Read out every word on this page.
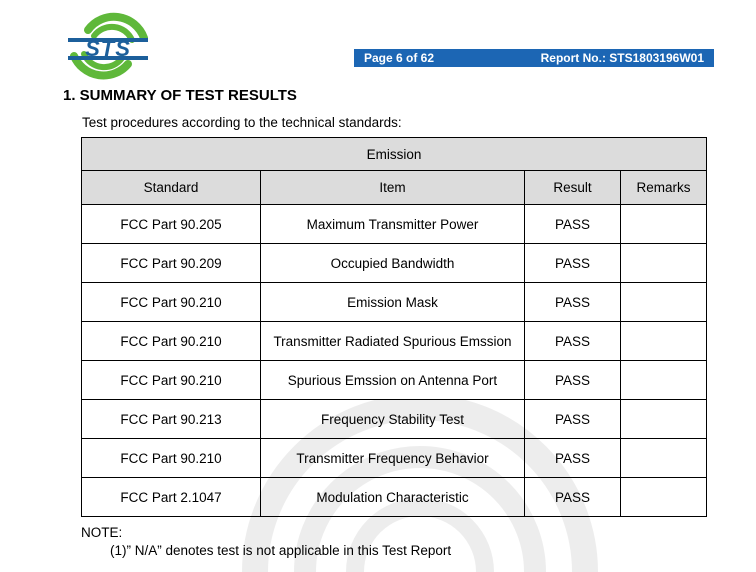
STS	Page 6 of 62	Report No.: STS1803196W01
1. SUMMARY OF TEST RESULTS
Test procedures according to the technical standards:
Emission			
Standard	Item	Result	Remarks
FCC Part 90.205	Maximum Transmitter Power	PASS	
FCC Part 90.209	Occupied Bandwidth	PASS	
FCC Part 90.210	Emission Mask	PASS	
FCC Part 90.210	Transmitter Radiated Spurious Emssion	PASS	
FCC Part 90.210	Spurious Emssion on Antenna Port	PASS	
FCC Part 90.213	Frequency Stability Test	PASS	
FCC Part 90.210	Transmitter Frequency Behavior	PASS	
FCC Part 2.1047	Modulation Characteristic	PASS	
NOTE:
(1)” N/A” denotes test is not applicable in this Test Report
